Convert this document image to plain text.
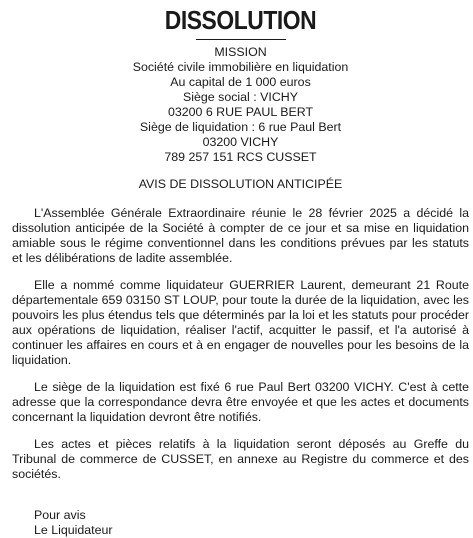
DISSOLUTION
MISSION
Société civile immobilière en liquidation
Au capital de 1 000 euros
Siège social : VICHY
03200 6 RUE PAUL BERT
Siège de liquidation : 6 rue Paul Bert
03200 VICHY
789 257 151 RCS CUSSET
AVIS DE DISSOLUTION ANTICIPÉE

L'Assemblée Générale Extraordinaire réunie le 28 février 2025 a décidé la dissolution anticipée de la Société à compter de ce jour et sa mise en liquidation amiable sous le régime conventionnel dans les conditions prévues par les statuts et les délibérations de ladite assemblée.

Elle a nommé comme liquidateur GUERRIER Laurent, demeurant 21 Route départementale 659 03150 ST LOUP, pour toute la durée de la liquidation, avec les pouvoirs les plus étendus tels que déterminés par la loi et les statuts pour procéder aux opérations de liquidation, réaliser l'actif, acquitter le passif, et l'a autorisé à continuer les affaires en cours et à en engager de nouvelles pour les besoins de la liquidation.

Le siège de la liquidation est fixé 6 rue Paul Bert 03200 VICHY. C'est à cette adresse que la correspondance devra être envoyée et que les actes et documents concernant la liquidation devront être notifiés.

Les actes et pièces relatifs à la liquidation seront déposés au Greffe du Tribunal de commerce de CUSSET, en annexe au Registre du commerce et des sociétés.

Pour avis
Le Liquidateur
